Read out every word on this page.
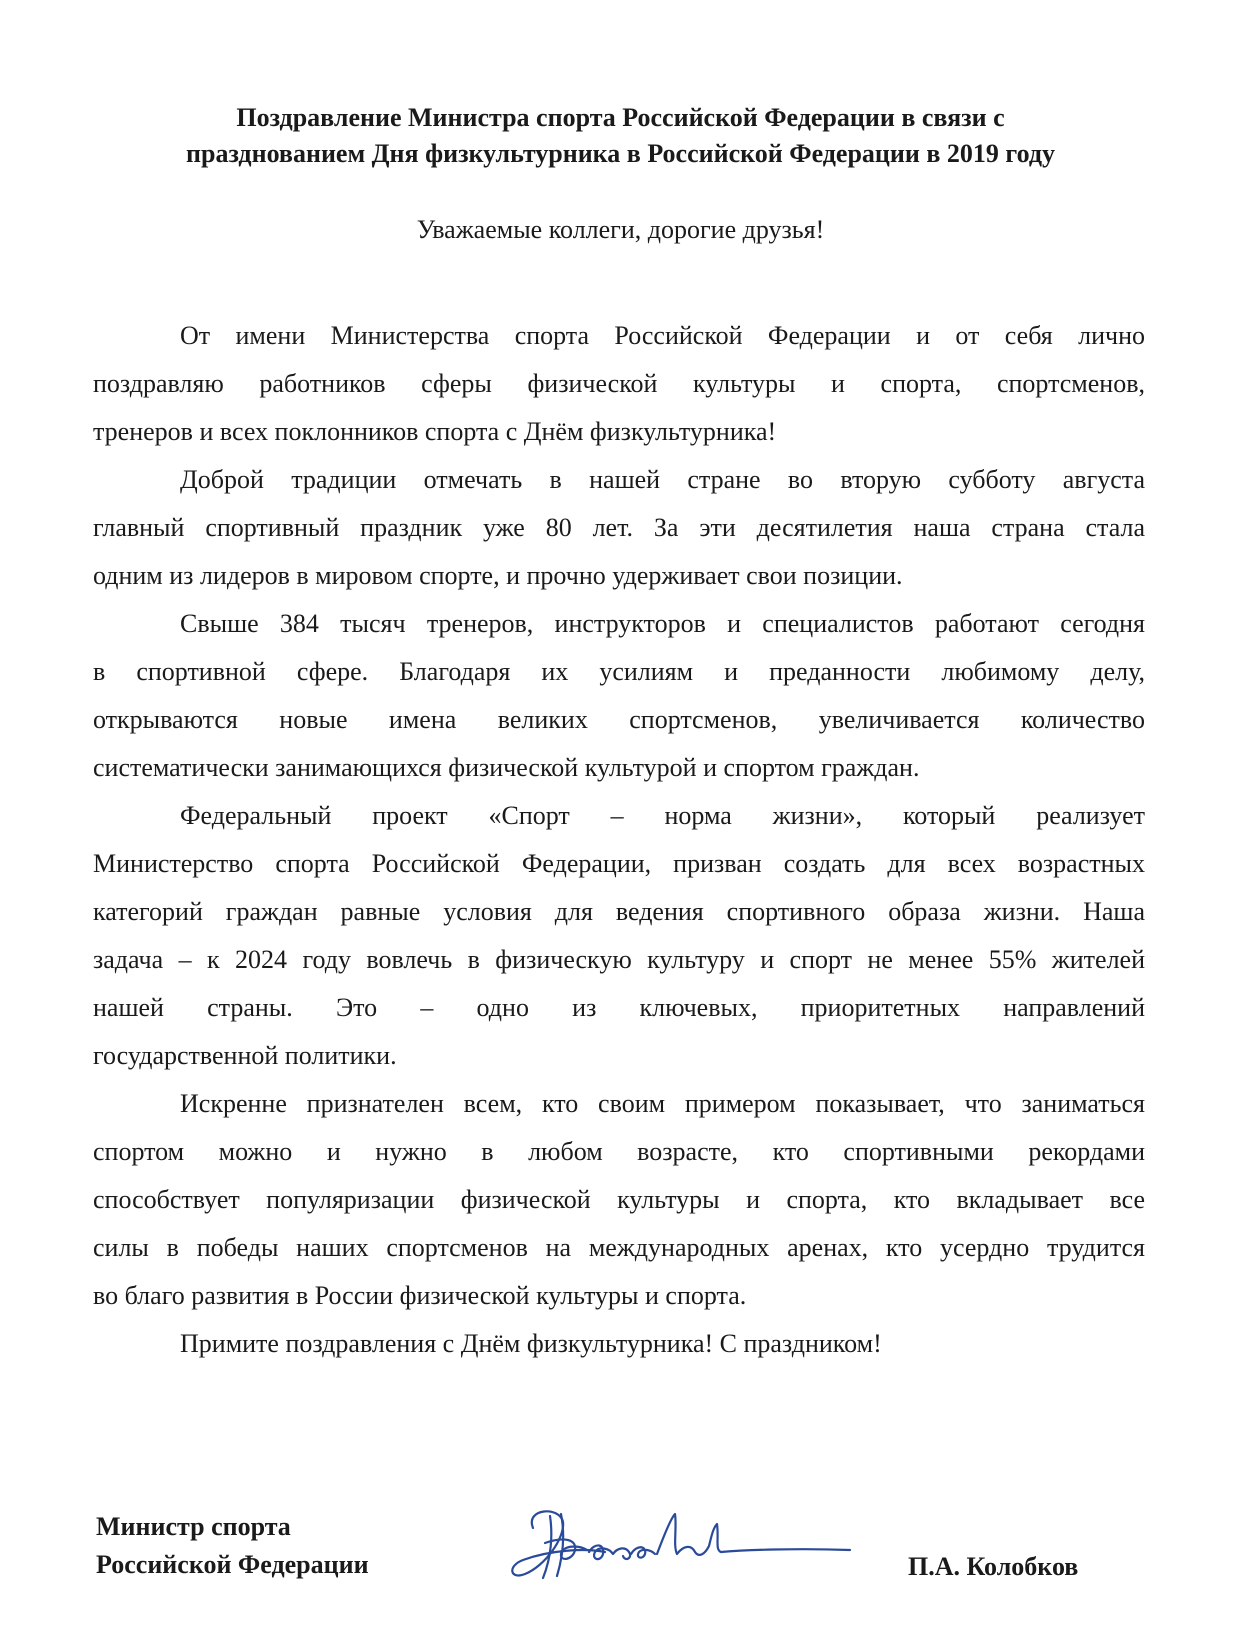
Поздравление Министра спорта Российской Федерации в связи с
празднованием Дня физкультурника в Российской Федерации в 2019 году
Уважаемые коллеги, дорогие друзья!

От имени Министерства спорта Российской Федерации и от себя лично
поздравляю работников сферы физической культуры и спорта, спортсменов,
тренеров и всех поклонников спорта с Днём физкультурника!

Доброй традиции отмечать в нашей стране во вторую субботу августа
главный спортивный праздник уже 80 лет. За эти десятилетия наша страна стала
одним из лидеров в мировом спорте, и прочно удерживает свои позиции.

Свыше 384 тысяч тренеров, инструкторов и специалистов работают сегодня
в спортивной сфере. Благодаря их усилиям и преданности любимому делу,
открываются новые имена великих спортсменов, увеличивается количество
систематически занимающихся физической культурой и спортом граждан.

Федеральный проект «Спорт – норма жизни», который реализует
Министерство спорта Российской Федерации, призван создать для всех возрастных
категорий граждан равные условия для ведения спортивного образа жизни. Наша
задача – к 2024 году вовлечь в физическую культуру и спорт не менее 55% жителей
нашей страны. Это – одно из ключевых, приоритетных направлений
государственной политики.

Искренне признателен всем, кто своим примером показывает, что заниматься
спортом можно и нужно в любом возрасте, кто спортивными рекордами
способствует популяризации физической культуры и спорта, кто вкладывает все
силы в победы наших спортсменов на международных аренах, кто усердно трудится
во благо развития в России физической культуры и спорта.

Примите поздравления с Днём физкультурника! С праздником!

Министр спорта
Российской Федерации	П.А. Колобков
